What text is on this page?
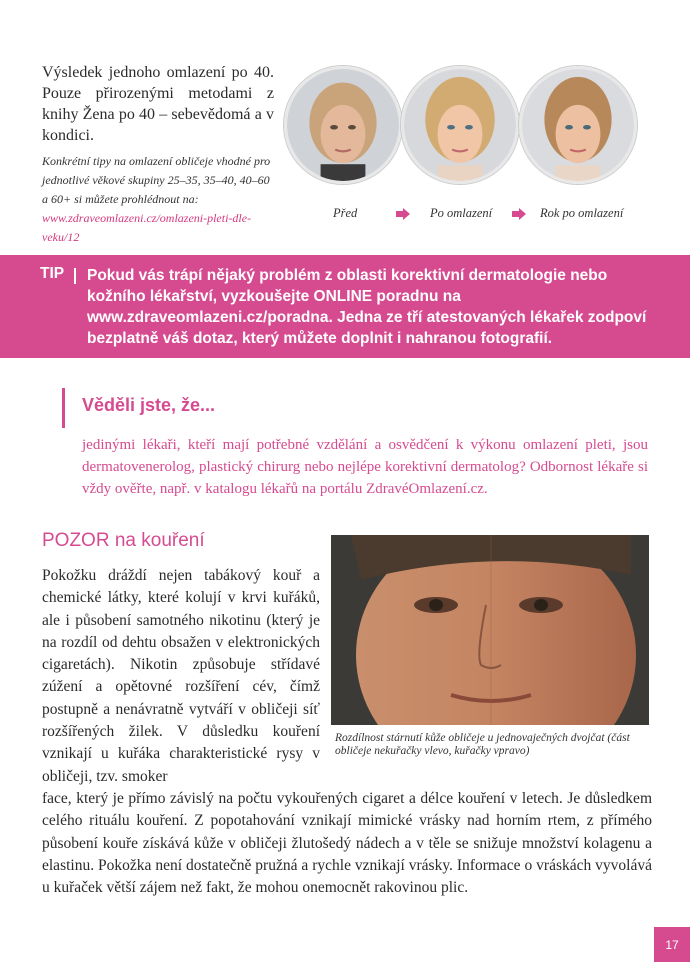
Výsledek jednoho omlazení po 40. Pouze přirozenými metodami z knihy Žena po 40 – sebevědomá a v kondici.
Konkrétní tipy na omlazení obličeje vhodné pro jednotlivé věkové skupiny 25–35, 35–40, 40–60 a 60+ si můžete prohlédnout na: www.zdraveomlazeni.cz/omlazeni-pleti-dle-veku/12
Před	Po omlazení	Rok po omlazení
TIP Pokud vás trápí nějaký problém z oblasti korektivní dermatologie nebo kožního lékařství, vyzkoušejte ONLINE poradnu na www.zdraveomlazeni.cz/poradna. Jedna ze tří atestovaných lékařek zodpoví bezplatně váš dotaz, který můžete doplnit i nahranou fotografií.
Věděli jste, že...
jedinými lékaři, kteří mají potřebné vzdělání a osvědčení k výkonu omlazení pleti, jsou dermatovenerolog, plastický chirurg nebo nejlépe korektivní dermatolog? Odbornost lékaře si vždy ověřte, např. v katalogu lékařů na portálu ZdravéOmlazení.cz.
POZOR na kouření
Rozdílnost stárnutí kůže obličeje u jednovaječných dvojčat (část obličeje nekuřačky vlevo, kuřačky vpravo)
Pokožku dráždí nejen tabákový kouř a chemické látky, které kolují v krvi kuřáků, ale i působení samotného nikotinu (který je na rozdíl od dehtu obsažen v elektronických cigaretách). Nikotin způsobuje střídavé zúžení a opětovné rozšíření cév, čímž postupně a nenávratně vytváří v obličeji síť rozšířených žilek. V důsledku kouření vznikají u kuřáka charakteristické rysy v obličeji, tzv. smoker
face, který je přímo závislý na počtu vykouřených cigaret a délce kouření v letech. Je důsledkem celého rituálu kouření. Z popotahování vznikají mimické vrásky nad horním rtem, z přímého působení kouře získává kůže v obličeji žlutošedý nádech a v těle se snižuje množství kolagenu a elastinu. Pokožka není dostatečně pružná a rychle vznikají vrásky. Informace o vráskách vyvolává u kuřaček větší zájem než fakt, že mohou onemocnět rakovinou plic.
17
